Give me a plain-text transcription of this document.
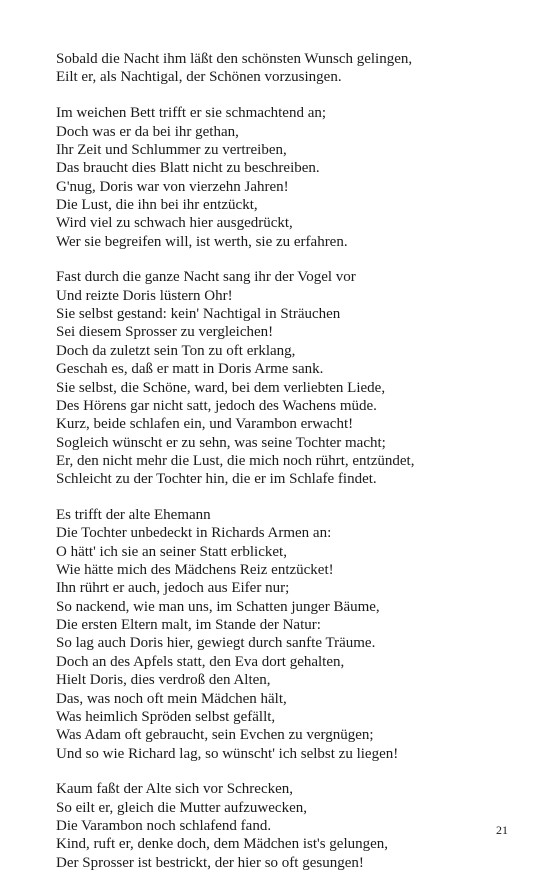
Sobald die Nacht ihm läßt den schönsten Wunsch gelingen,
Eilt er, als Nachtigal, der Schönen vorzusingen.
Im weichen Bett trifft er sie schmachtend an;
Doch was er da bei ihr gethan,
Ihr Zeit und Schlummer zu vertreiben,
Das braucht dies Blatt nicht zu beschreiben.
G'nug, Doris war von vierzehn Jahren!
Die Lust, die ihn bei ihr entzückt,
Wird viel zu schwach hier ausgedrückt,
Wer sie begreifen will, ist werth, sie zu erfahren.
Fast durch die ganze Nacht sang ihr der Vogel vor
Und reizte Doris lüstern Ohr!
Sie selbst gestand: kein' Nachtigal in Sträuchen
Sei diesem Sprosser zu vergleichen!
Doch da zuletzt sein Ton zu oft erklang,
Geschah es, daß er matt in Doris Arme sank.
Sie selbst, die Schöne, ward, bei dem verliebten Liede,
Des Hörens gar nicht satt, jedoch des Wachens müde.
Kurz, beide schlafen ein, und Varambon erwacht!
Sogleich wünscht er zu sehn, was seine Tochter macht;
Er, den nicht mehr die Lust, die mich noch rührt, entzündet,
Schleicht zu der Tochter hin, die er im Schlafe findet.
Es trifft der alte Ehemann
Die Tochter unbedeckt in Richards Armen an:
O hätt' ich sie an seiner Statt erblicket,
Wie hätte mich des Mädchens Reiz entzücket!
Ihn rührt er auch, jedoch aus Eifer nur;
So nackend, wie man uns, im Schatten junger Bäume,
Die ersten Eltern malt, im Stande der Natur:
So lag auch Doris hier, gewiegt durch sanfte Träume.
Doch an des Apfels statt, den Eva dort gehalten,
Hielt Doris, dies verdroß den Alten,
Das, was noch oft mein Mädchen hält,
Was heimlich Spröden selbst gefällt,
Was Adam oft gebraucht, sein Evchen zu vergnügen;
Und so wie Richard lag, so wünscht' ich selbst zu liegen!
Kaum faßt der Alte sich vor Schrecken,
So eilt er, gleich die Mutter aufzuwecken,
Die Varambon noch schlafend fand.
Kind, ruft er, denke doch, dem Mädchen ist's gelungen,
Der Sprosser ist bestrickt, der hier so oft gesungen!
21
